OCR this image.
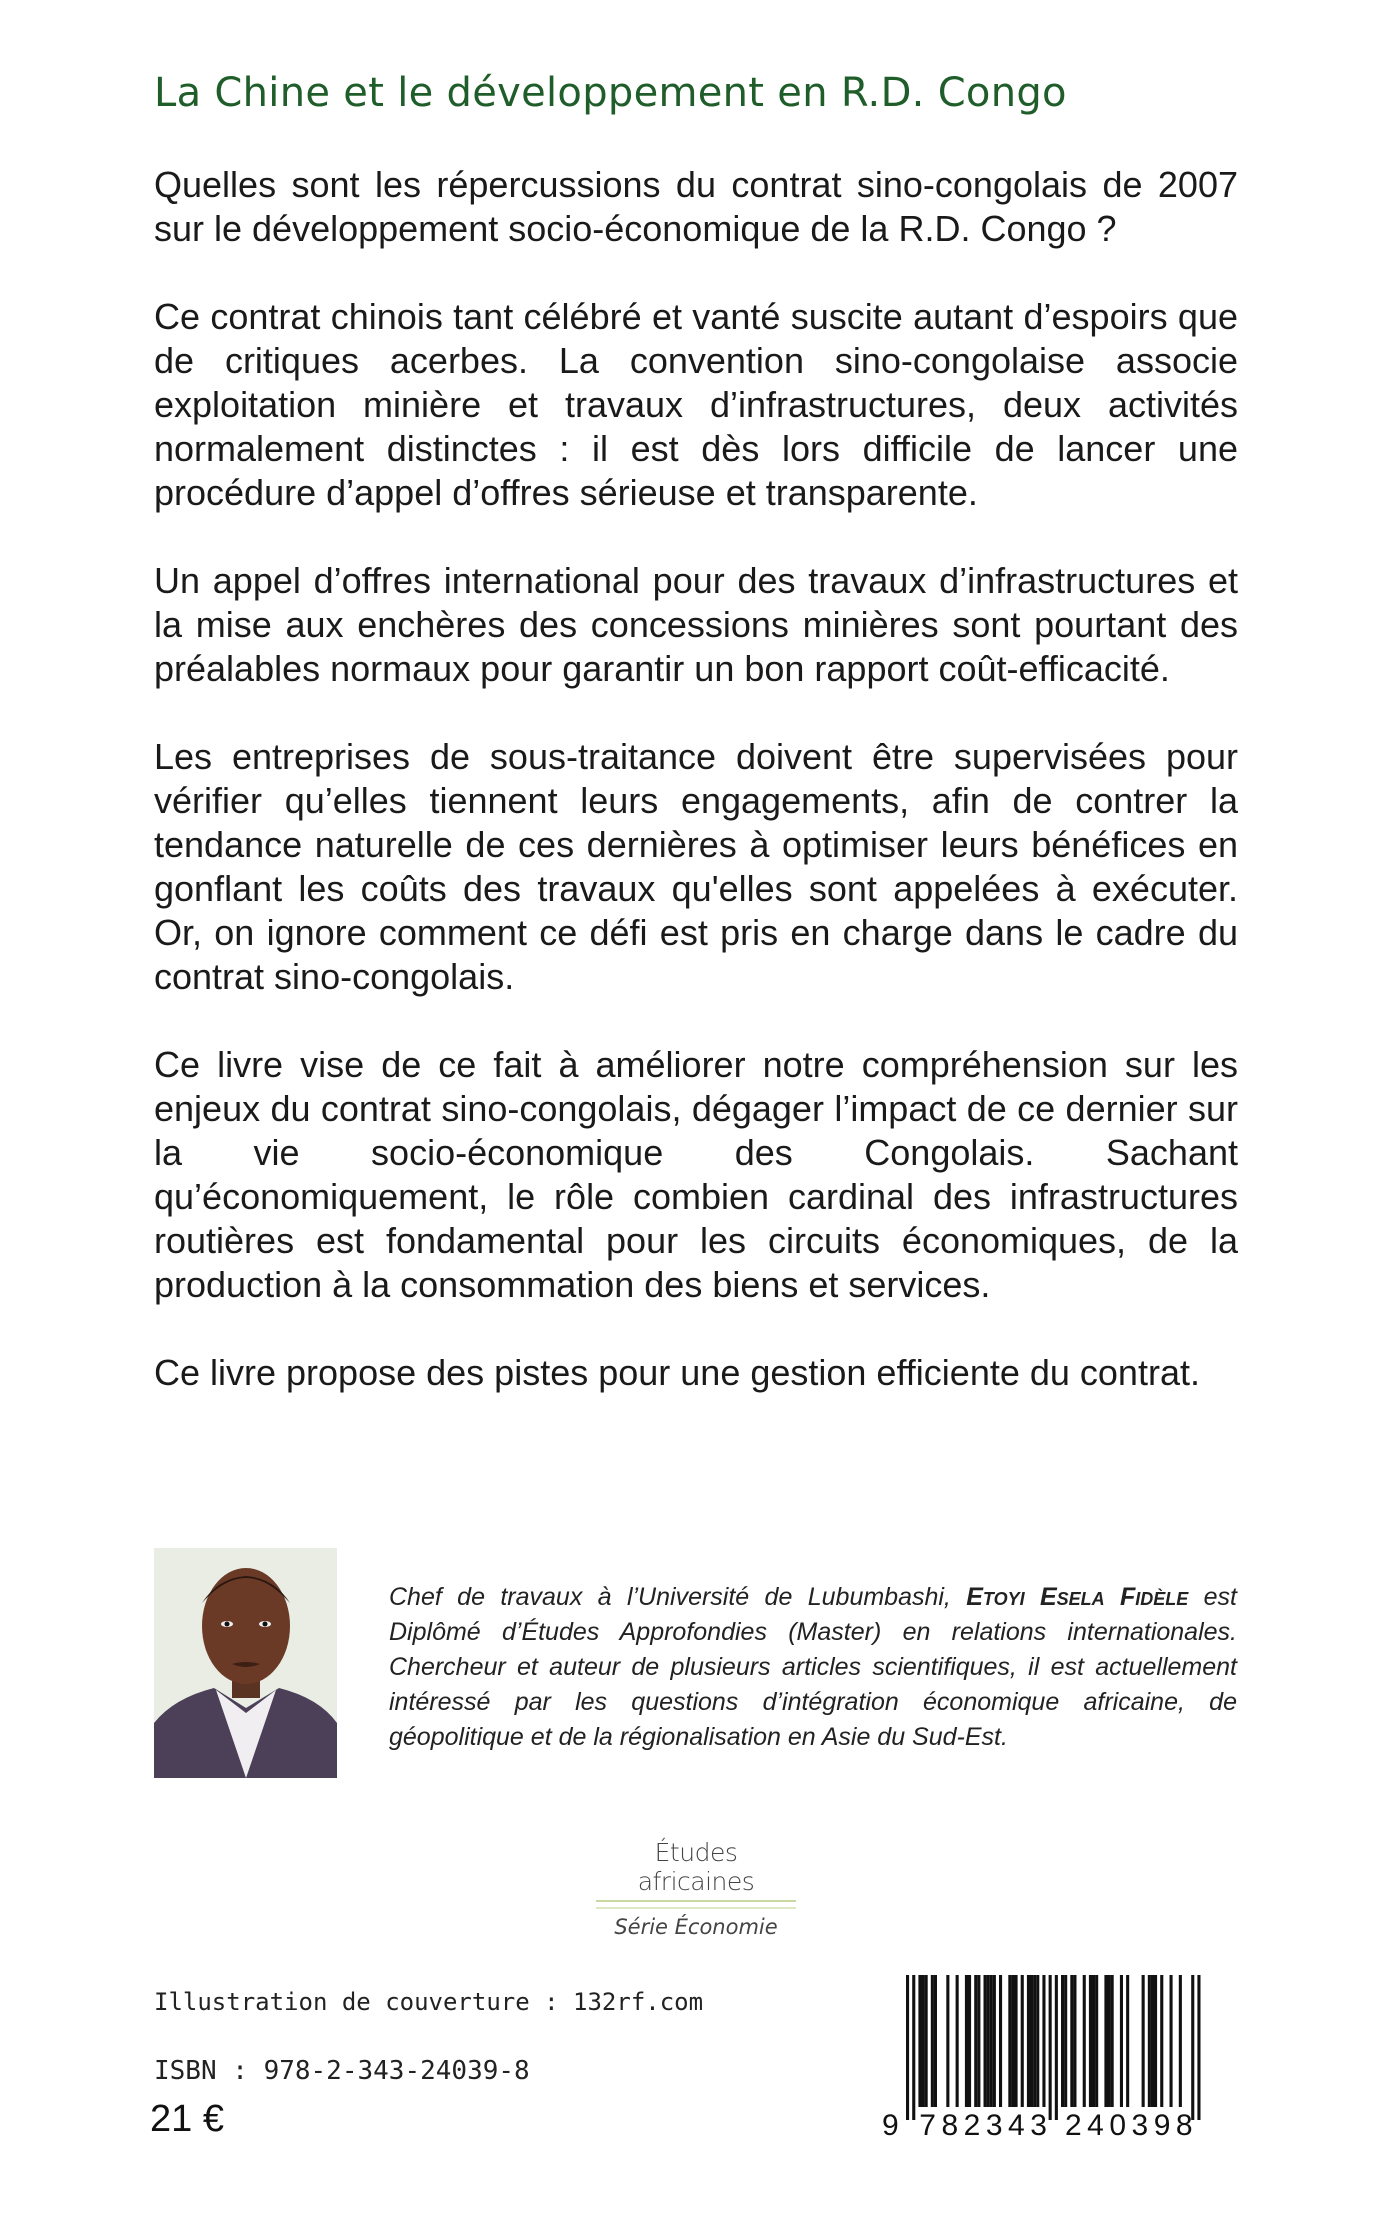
La Chine et le développement en R.D. Congo

Quelles sont les répercussions du contrat sino-congolais de 2007 sur le développement socio-économique de la R.D. Congo ?

Ce contrat chinois tant célébré et vanté suscite autant d’espoirs que de critiques acerbes. La convention sino-congolaise associe exploitation minière et travaux d’infrastructures, deux activités normalement distinctes : il est dès lors difficile de lancer une procédure d’appel d’offres sérieuse et transparente.

Un appel d’offres international pour des travaux d’infrastructures et la mise aux enchères des concessions minières sont pourtant des préalables normaux pour garantir un bon rapport coût-efficacité.

Les entreprises de sous-traitance doivent être supervisées pour vérifier qu’elles tiennent leurs engagements, afin de contrer la tendance naturelle de ces dernières à optimiser leurs bénéfices en gonflant les coûts des travaux qu'elles sont appelées à exécuter. Or, on ignore comment ce défi est pris en charge dans le cadre du contrat sino-congolais.

Ce livre vise de ce fait à améliorer notre compréhension sur les enjeux du contrat sino-congolais, dégager l’impact de ce dernier sur la vie socio-économique des Congolais. Sachant qu’économiquement, le rôle combien cardinal des infrastructures routières est fondamental pour les circuits économiques, de la production à la consommation des biens et services.

Ce livre propose des pistes pour une gestion efficiente du contrat.

Chef de travaux à l’Université de Lubumbashi, Etoyi Esela Fidèle est Diplômé d’Études Approfondies (Master) en relations internationales. Chercheur et auteur de plusieurs articles scientifiques, il est actuellement intéressé par les questions d’intégration économique africaine, de géopolitique et de la régionalisation en Asie du Sud-Est.
Études africaines
Série Économie
Illustration de couverture : 132rf.com
ISBN : 978-2-343-24039-8
21 €	9 782343 240398
